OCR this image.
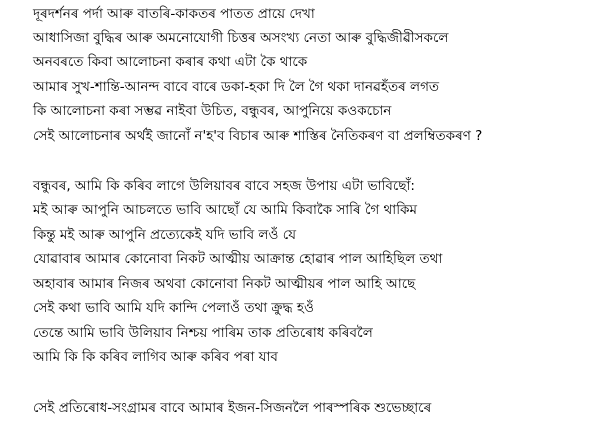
দূৰদৰ্শনৰ পৰ্দা আৰু বাতৰি-কাকতৰ পাতত প্ৰায়ে দেখা
আধাসিজা বুদ্ধিৰ আৰু অমনোযোগী চিত্তৰ অসংখ্য নেতা আৰু বুদ্ধিজীৱীসকলে
অনবৰতে কিবা আলোচনা কৰাৰ কথা এটা কৈ থাকে
আমাৰ সুখ-শান্তি-আনন্দ বাবে বাৰে ডকা-হকা দি লৈ গৈ থকা দানৱহঁতৰ লগত
কি আলোচনা কৰা সম্ভৱ নাইবা উচিত, বন্ধুবৰ, আপুনিয়ে কওকচোন
সেই আলোচনাৰ অৰ্থই জানোঁ ন'হ'ব বিচাৰ আৰু শাস্তিৰ নৈতিকৰণ বা প্ৰলম্বিতকৰণ ?
বন্ধুবৰ, আমি কি কৰিব লাগে উলিয়াবৰ বাবে সহজ উপায় এটা ভাবিছোঁ:
মই আৰু আপুনি আচলতে ভাবি আছোঁ যে আমি কিবাকৈ সাৰি গৈ থাকিম
কিন্তু মই আৰু আপুনি প্ৰত্যেকেই যদি ভাবি লওঁ যে
যোৱাবাৰ আমাৰ কোনোবা নিকট আত্মীয় আক্ৰান্ত হোৱাৰ পাল আহিছিল তথা
অহাবাৰ আমাৰ নিজৰ অথবা কোনোবা নিকট আত্মীয়ৰ পাল আহি আছে
সেই কথা ভাবি আমি যদি কান্দি পেলাওঁ তথা ক্ৰুদ্ধ হওঁ
তেন্তে আমি ভাবি উলিয়াব নিশ্চয় পাৰিম তাক প্ৰতিৰোধ কৰিবলৈ
আমি কি কি কৰিব লাগিব আৰু কৰিব পৰা যাব
সেই প্ৰতিৰোধ-সংগ্ৰামৰ বাবে আমাৰ ইজন-সিজনলৈ পাৰস্পৰিক শুভেচ্ছাৰে
